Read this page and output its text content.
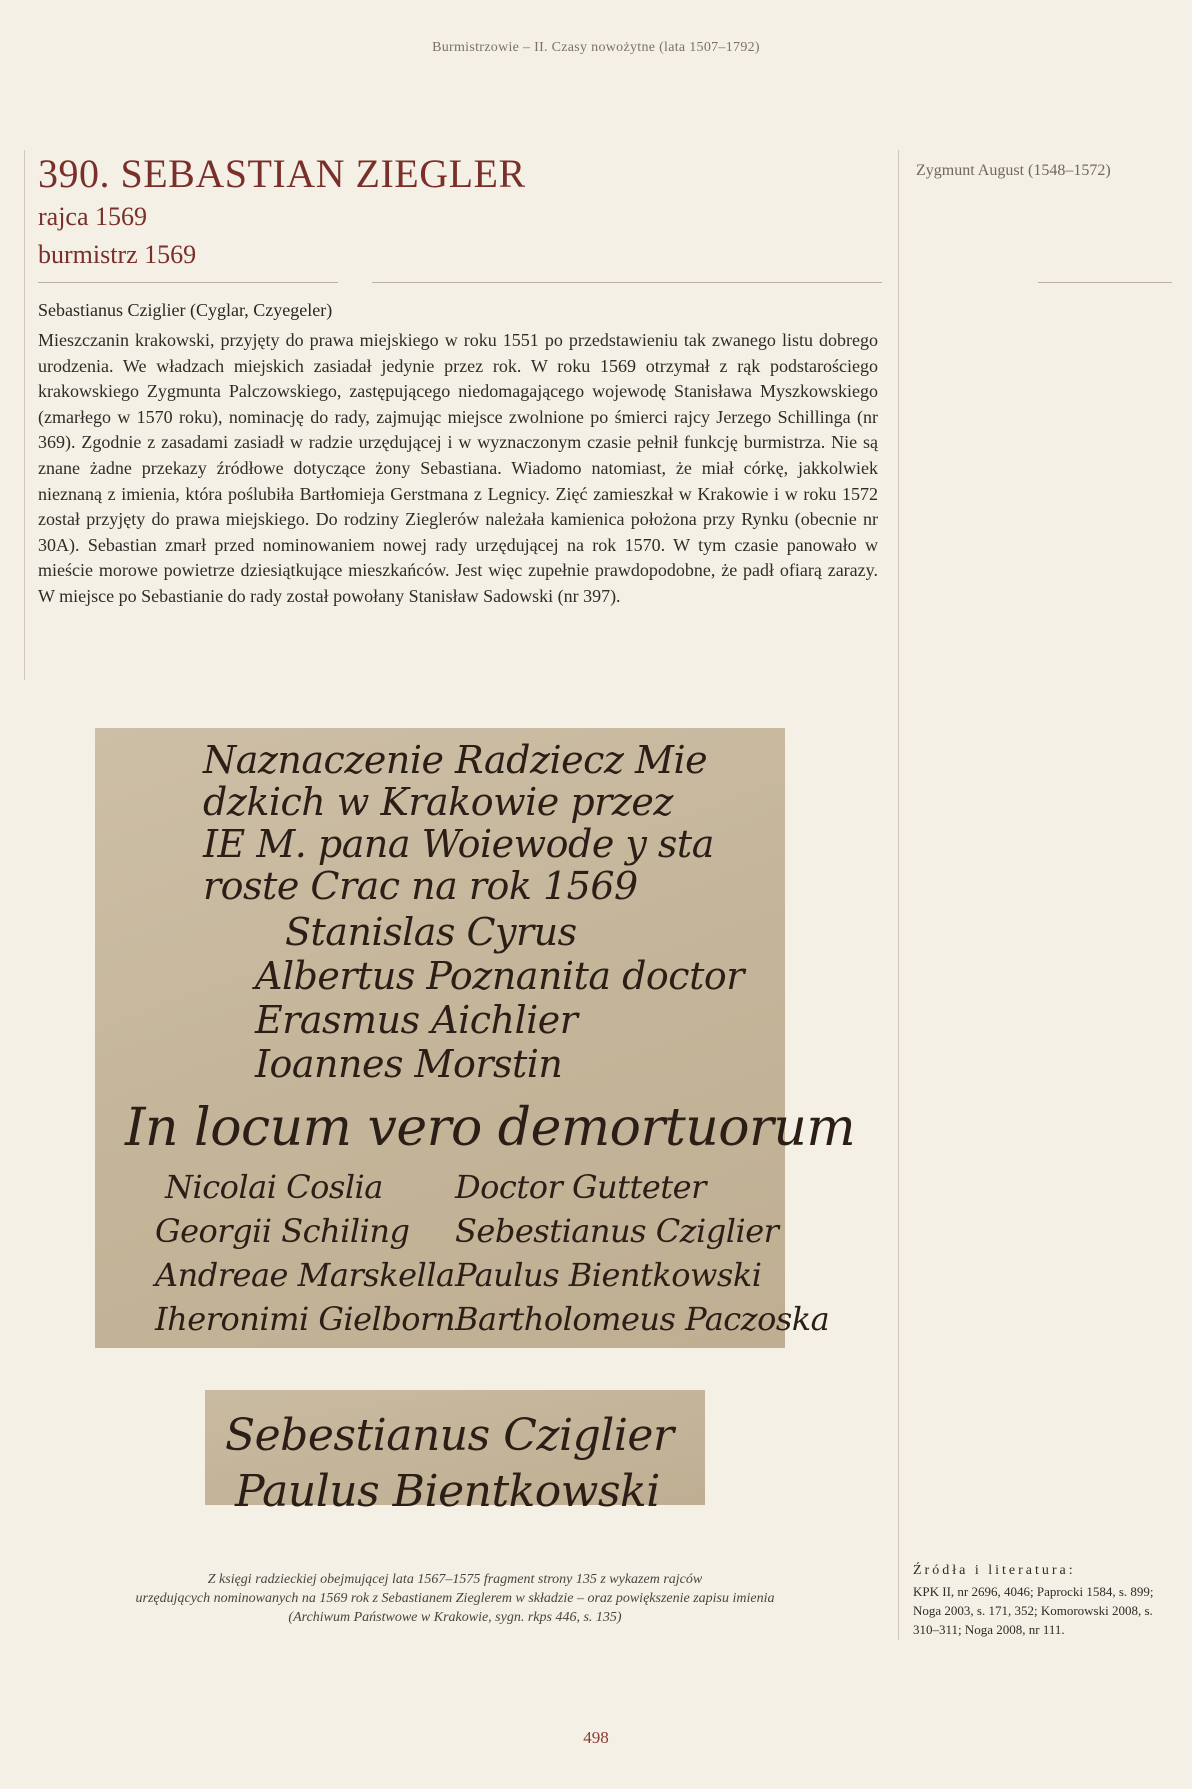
Burmistrzowie – II. Czasy nowożytne (lata 1507–1792)
390. SEBASTIAN ZIEGLER
rajca 1569
burmistrz 1569
Zygmunt August (1548–1572)
Sebastianus Cziglier (Cyglar, Czyegeler)

Mieszczanin krakowski, przyjęty do prawa miejskiego w roku 1551 po przedstawieniu tak zwanego listu dobrego urodzenia. We władzach miejskich zasiadał jedynie przez rok. W roku 1569 otrzymał z rąk podstarościego krakowskiego Zygmunta Palczowskiego, zastępującego niedomagającego wojewodę Stanisława Myszkowskiego (zmarłego w 1570 roku), nominację do rady, zajmując miejsce zwolnione po śmierci rajcy Jerzego Schillinga (nr 369). Zgodnie z zasadami zasiadł w radzie urzędującej i w wyznaczonym czasie pełnił funkcję burmistrza. Nie są znane żadne przekazy źródłowe dotyczące żony Sebastiana. Wiadomo natomiast, że miał córkę, jakkolwiek nieznaną z imienia, która poślubiła Bartłomieja Gerstmana z Legnicy. Zięć zamieszkał w Krakowie i w roku 1572 został przyjęty do prawa miejskiego. Do rodziny Zieglerów należała kamienica położona przy Rynku (obecnie nr 30A). Sebastian zmarł przed nominowaniem nowej rady urzędującej na rok 1570. W tym czasie panowało w mieście morowe powietrze dziesiątkujące mieszkańców. Jest więc zupełnie prawdopodobne, że padł ofiarą zarazy. W miejsce po Sebastianie do rady został powołany Stanisław Sadowski (nr 397).

Naznaczenie Radziecz Mie
dzkich w Krakowie przez
IE M. pana Woiewode y sta
roste Crac na rok 1569
Stanislas Cyrus
Albertus Poznanita doctor
Erasmus Aichlier
Ioannes Morstin
In locum vero demortuorum
Nicolai Coslia Doctor Gutteter
Georgii Schiling Sebestianus Cziglier
Andreae Marskella Paulus Bientkowski
Iheronimi Gielborn Bartholomeus Paczoska
Sebestianus Cziglier
Paulus Bientkowski
Z księgi radzieckiej obejmującej lata 1567–1575 fragment strony 135 z wykazem rajców
urzędujących nominowanych na 1569 rok z Sebastianem Zieglerem w składzie – oraz powiększenie zapisu imienia
(Archiwum Państwowe w Krakowie, sygn. rkps 446, s. 135)
Źródła i literatura:
KPK II, nr 2696, 4046; Paprocki 1584, s. 899; Noga 2003, s. 171, 352; Komorowski 2008, s. 310–311; Noga 2008, nr 111.
498
